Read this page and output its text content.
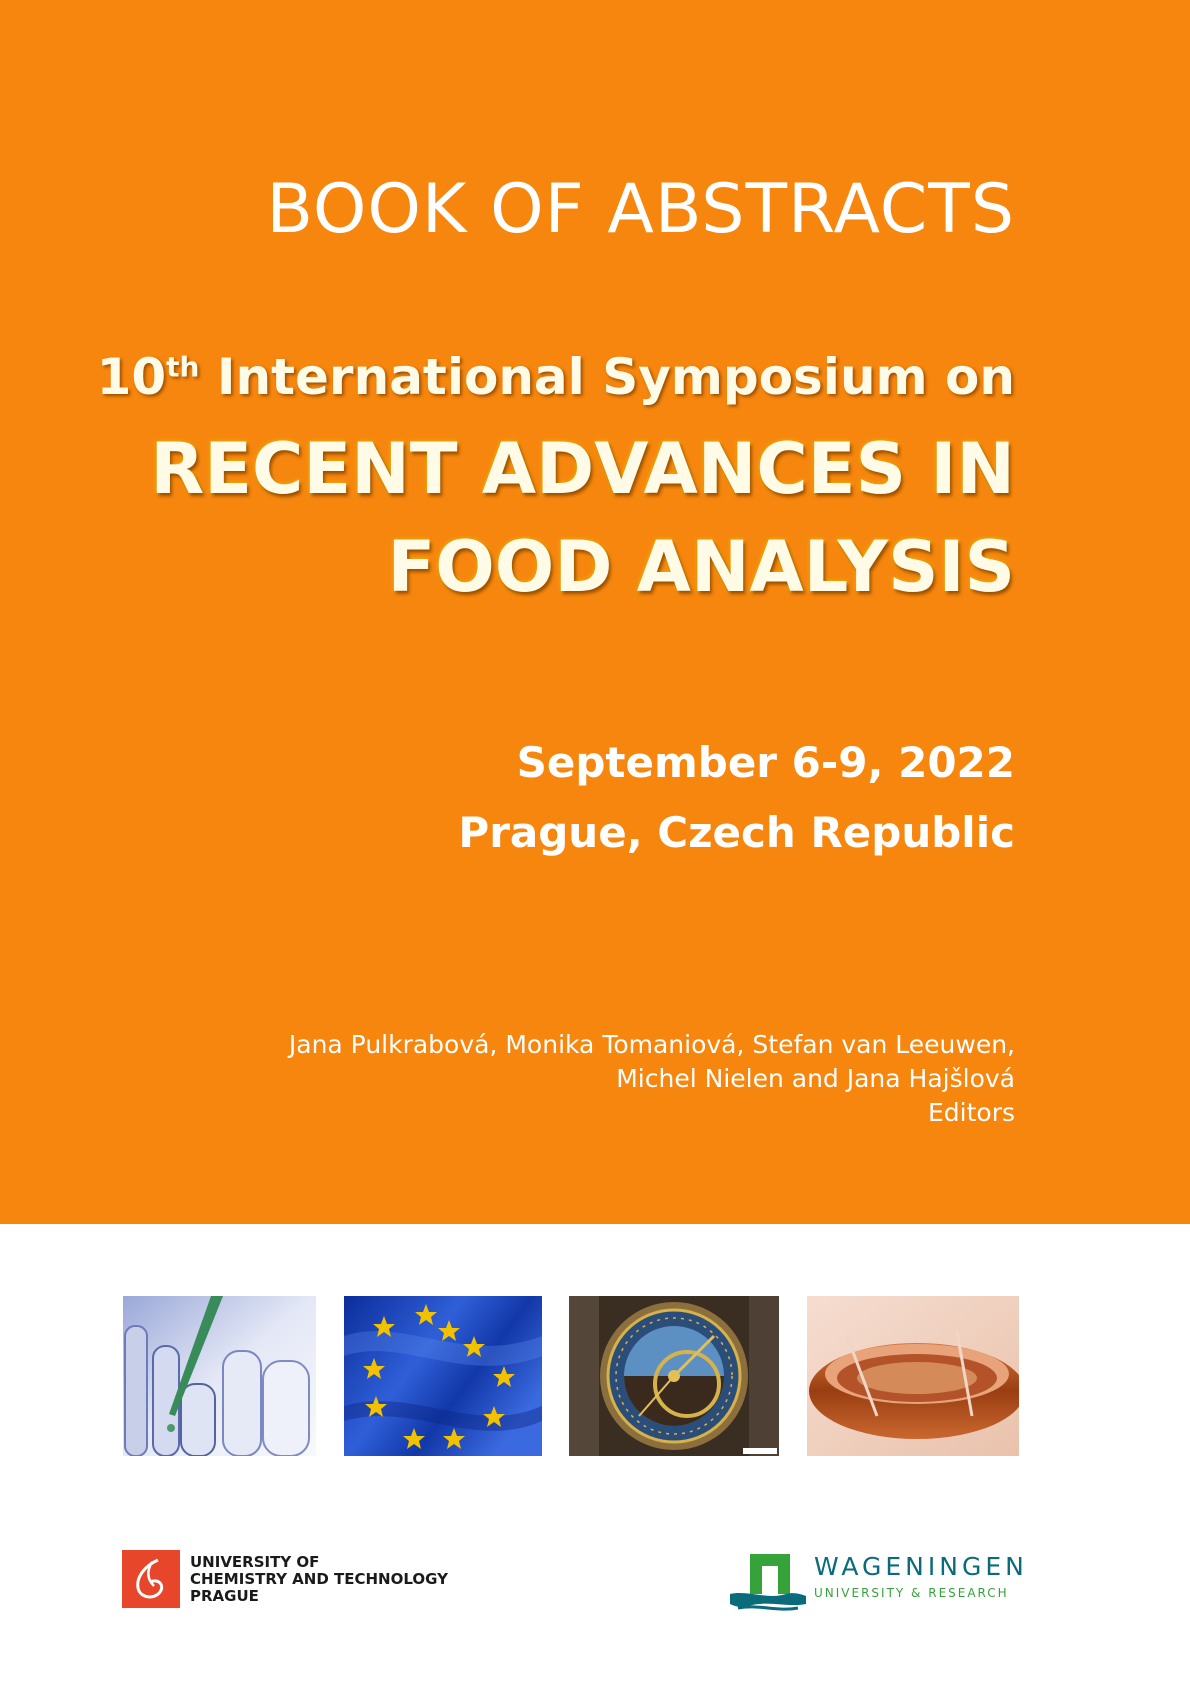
BOOK OF ABSTRACTS
10th International Symposium on
RECENT ADVANCES IN
FOOD ANALYSIS
September 6-9, 2022
Prague, Czech Republic
Jana Pulkrabová, Monika Tomaniová, Stefan van Leeuwen,
Michel Nielen and Jana Hajšlová
Editors
UNIVERSITY OF
CHEMISTRY AND TECHNOLOGY
PRAGUE
WAGENINGEN
UNIVERSITY & RESEARCH
